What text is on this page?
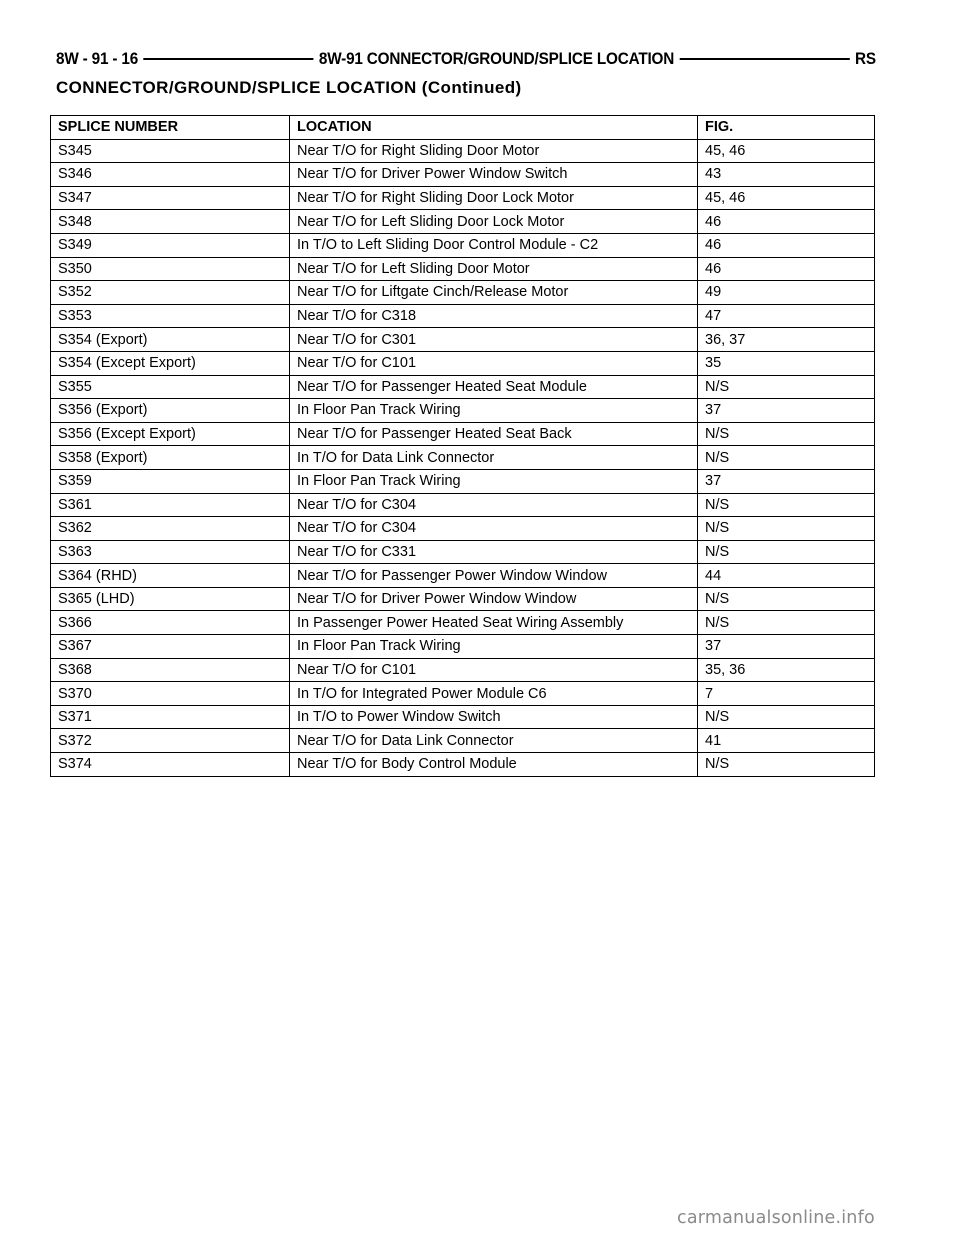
8W - 91 - 16	8W-91 CONNECTOR/GROUND/SPLICE LOCATION	RS
CONNECTOR/GROUND/SPLICE LOCATION (Continued)
SPLICE NUMBER	LOCATION	FIG.
S345	Near T/O for Right Sliding Door Motor	45, 46
S346	Near T/O for Driver Power Window Switch	43
S347	Near T/O for Right Sliding Door Lock Motor	45, 46
S348	Near T/O for Left Sliding Door Lock Motor	46
S349	In T/O to Left Sliding Door Control Module - C2	46
S350	Near T/O for Left Sliding Door Motor	46
S352	Near T/O for Liftgate Cinch/Release Motor	49
S353	Near T/O for C318	47
S354 (Export)	Near T/O for C301	36, 37
S354 (Except Export)	Near T/O for C101	35
S355	Near T/O for Passenger Heated Seat Module	N/S
S356 (Export)	In Floor Pan Track Wiring	37
S356 (Except Export)	Near T/O for Passenger Heated Seat Back	N/S
S358 (Export)	In T/O for Data Link Connector	N/S
S359	In Floor Pan Track Wiring	37
S361	Near T/O for C304	N/S
S362	Near T/O for C304	N/S
S363	Near T/O for C331	N/S
S364 (RHD)	Near T/O for Passenger Power Window Window	44
S365 (LHD)	Near T/O for Driver Power Window Window	N/S
S366	In Passenger Power Heated Seat Wiring Assembly	N/S
S367	In Floor Pan Track Wiring	37
S368	Near T/O for C101	35, 36
S370	In T/O for Integrated Power Module C6	7
S371	In T/O to Power Window Switch	N/S
S372	Near T/O for Data Link Connector	41
S374	Near T/O for Body Control Module	N/S
carmanualsonline.info
